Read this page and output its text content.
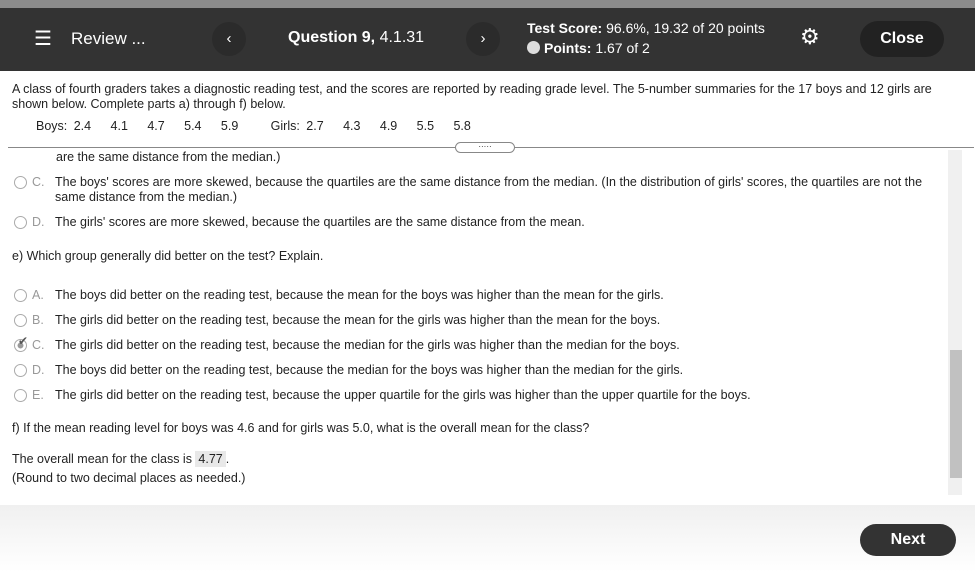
☰ Review ...	‹	Question 9, 4.1.31	›
Test Score: 96.6%, 19.32 of 20 points
Points: 1.67 of 2	⚙	Close
A class of fourth graders takes a diagnostic reading test, and the scores are reported by reading grade level. The 5-number summaries for the 17 boys and 12 girls are shown below. Complete parts a) through f) below.
Boys: 2.4   4.1   4.7   5.4   5.9     Girls: 2.7   4.3   4.9   5.5   5.8
·····
are the same distance from the median.)
C. The boys' scores are more skewed, because the quartiles are the same distance from the median. (In the distribution of girls' scores, the quartiles are not the same distance from the median.)
D. The girls' scores are more skewed, because the quartiles are the same distance from the mean.
e) Which group generally did better on the test? Explain.
A. The boys did better on the reading test, because the mean for the boys was higher than the mean for the girls.
B. The girls did better on the reading test, because the mean for the girls was higher than the mean for the boys.
✔ C. The girls did better on the reading test, because the median for the girls was higher than the median for the boys.
D. The boys did better on the reading test, because the median for the boys was higher than the median for the girls.
E. The girls did better on the reading test, because the upper quartile for the girls was higher than the upper quartile for the boys.
f) If the mean reading level for boys was 4.6 and for girls was 5.0, what is the overall mean for the class?
The overall mean for the class is 4.77 .
(Round to two decimal places as needed.)
Next
